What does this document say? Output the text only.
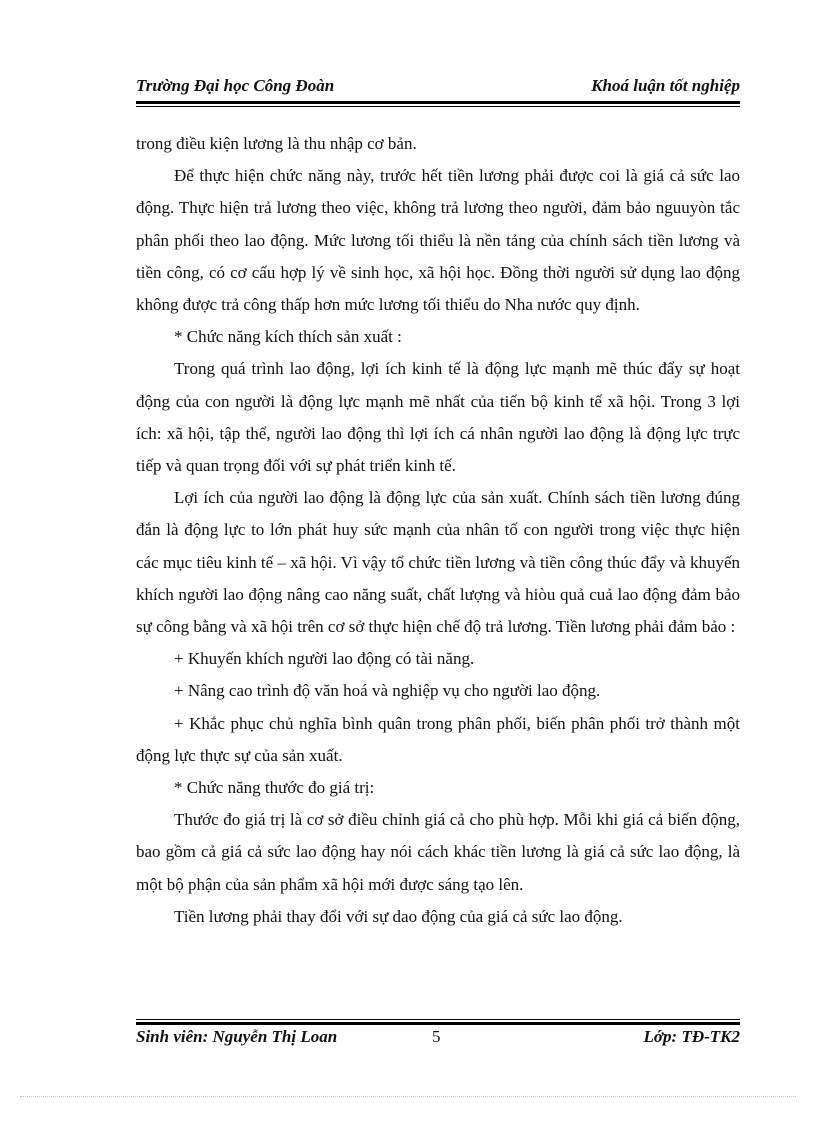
Trường Đại học Công Đoàn	Khoá luận tốt nghiệp

trong điều kiện lương là thu nhập cơ bản.

Để thực hiện chức năng này, trước hết tiền lương phải được coi là giá cả sức lao động. Thực hiện trả lương theo việc, không trả lương theo người, đảm bảo nguuyòn tắc phân phối theo lao động. Mức lương tối thiểu là nền tảng của chính sách tiền lương và tiền công, có cơ cấu hợp lý về sinh học, xã hội học. Đồng thời người sử dụng lao động không được trả công thấp hơn mức lương tối thiểu do Nha nước quy định.

* Chức năng kích thích sản xuất :

Trong quá trình lao động, lợi ích kinh tế là động lực mạnh mẽ thúc đẩy sự hoạt động của con người là động lực mạnh mẽ nhất của tiến bộ kinh tế xã hội. Trong 3 lợi ích: xã hội, tập thể, người lao động thì lợi ích cá nhân người lao động là động lực trực tiếp và quan trọng đối với sự phát triển kinh tế.

Lợi ích của người lao động là động lực của sản xuất. Chính sách tiền lương đúng đắn là động lực to lớn phát huy sức mạnh của nhân tố con người trong việc thực hiện các mục tiêu kinh tế – xã hội. Vì vậy tổ chức tiền lương và tiền công thúc đẩy và khuyến khích người lao động nâng cao năng suất, chất lượng và hiòu quả cuả lao động đảm bảo sự công bằng và xã hội trên cơ sở thực hiện chế độ trả lương. Tiền lương phải đảm bảo :

+ Khuyến khích người lao động có tài năng.

+ Nâng cao trình độ văn hoá và nghiệp vụ cho người lao động.

+ Khắc phục chủ nghĩa bình quân trong phân phối, biến phân phối trở thành một động lực thực sự của sản xuất.

* Chức năng thước đo giá trị:

Thước đo giá trị là cơ sở điều chỉnh giá cả cho phù hợp. Mỗi khi giá cả biến động, bao gồm cả giá cả sức lao động hay nói cách khác tiền lương là giá cả sức lao động, là một bộ phận của sản phẩm xã hội mới được sáng tạo lên.

Tiền lương phải thay đổi với sự dao động của giá cả sức lao động.

Sinh viên: Nguyễn Thị Loan	5	Lớp: TĐ-TK2
